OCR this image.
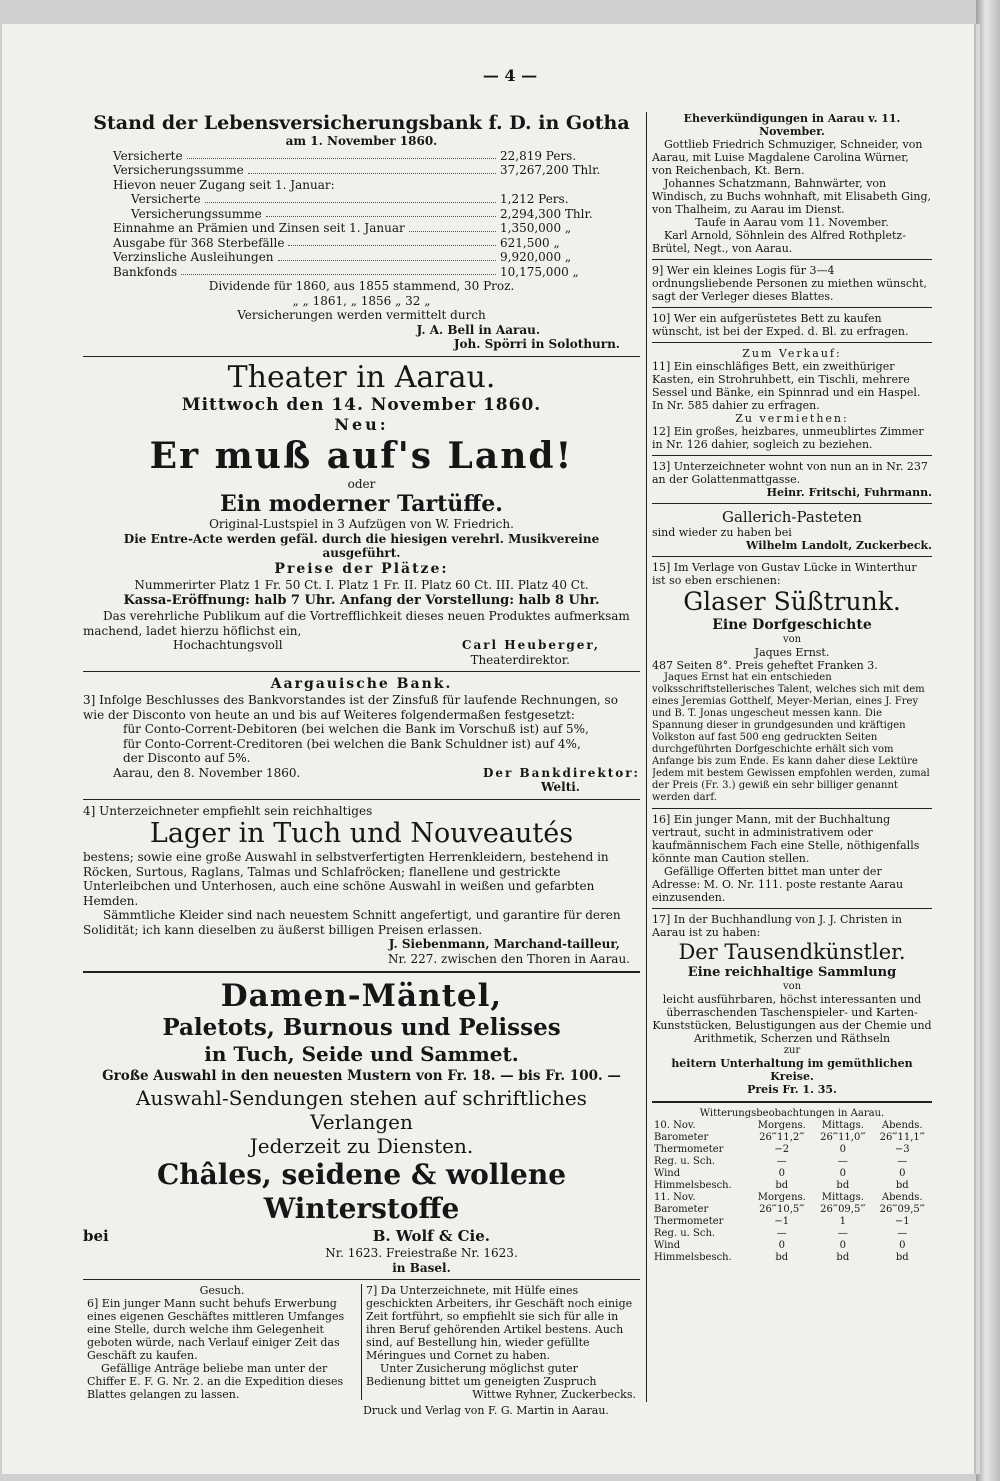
— 4 —

Stand der Lebensversicherungsbank f. D. in Gotha

am 1. November 1860.

Versicherte	22,819 Pers.
Versicherungssumme	37,267,200 Thlr.
Hievon neuer Zugang seit 1. Januar:
Versicherte	1,212 Pers.
Versicherungssumme	2,294,300 Thlr.
Einnahme an Prämien und Zinsen seit 1. Januar	1,350,000 „
Ausgabe für 368 Sterbefälle	621,500 „
Verzinsliche Ausleihungen	9,920,000 „
Bankfonds	10,175,000 „

Dividende für 1860, aus 1855 stammend, 30 Proz.

„ „ 1861, „ 1856 „ 32 „

Versicherungen werden vermittelt durch

J. A. Bell in Aarau.

Joh. Spörri in Solothurn.

Theater in Aarau.

Mittwoch den 14. November 1860.

Neu:

Er muß auf's Land!

oder

Ein moderner Tartüffe.

Original-Lustspiel in 3 Aufzügen von W. Friedrich.

Die Entre-Acte werden gefäl. durch die hiesigen verehrl. Musikvereine ausgeführt.

Preise der Plätze:

Nummerirter Platz 1 Fr. 50 Ct. I. Platz 1 Fr. II. Platz 60 Ct. III. Platz 40 Ct.

Kassa-Eröffnung: halb 7 Uhr. Anfang der Vorstellung: halb 8 Uhr.

Das verehrliche Publikum auf die Vortrefflichkeit dieses neuen Produktes aufmerksam machend, ladet hierzu höflichst ein,

Hochachtungsvoll	Carl Heuberger,

Theaterdirektor.

Aargauische Bank.

3] Infolge Beschlusses des Bankvorstandes ist der Zinsfuß für laufende Rechnungen, so wie der Disconto von heute an und bis auf Weiteres folgendermaßen festgesetzt:

für Conto-Corrent-Debitoren (bei welchen die Bank im Vorschuß ist) auf 5%,

für Conto-Corrent-Creditoren (bei welchen die Bank Schuldner ist) auf 4%,

der Disconto auf 5%.

Aarau, den 8. November 1860.	Der Bankdirektor:

Welti.

4] Unterzeichneter empfiehlt sein reichhaltiges

Lager in Tuch und Nouveautés

bestens; sowie eine große Auswahl in selbstverfertigten Herrenkleidern, bestehend in Röcken, Surtous, Raglans, Talmas und Schlafröcken; flanellene und gestrickte Unterleibchen und Unterhosen, auch eine schöne Auswahl in weißen und gefarbten Hemden.

Sämmtliche Kleider sind nach neuestem Schnitt angefertigt, und garantire für deren Solidität; ich kann dieselben zu äußerst billigen Preisen erlassen.

J. Siebenmann, Marchand-tailleur,

Nr. 227. zwischen den Thoren in Aarau.

Damen-Mäntel,

Paletots, Burnous und Pelisses

in Tuch, Seide und Sammet.

Große Auswahl in den neuesten Mustern von Fr. 18. — bis Fr. 100. —

Auswahl-Sendungen stehen auf schriftliches Verlangen

Jederzeit zu Diensten.

Châles, seidene & wollene Winterstoffe

bei	B. Wolf & Cie.

Nr. 1623. Freiestraße Nr. 1623.

in Basel.

Gesuch.

6] Ein junger Mann sucht behufs Erwerbung eines eigenen Geschäftes mittleren Umfanges eine Stelle, durch welche ihm Gelegenheit geboten würde, nach Verlauf einiger Zeit das Geschäft zu kaufen.

Gefällige Anträge beliebe man unter der Chiffer E. F. G. Nr. 2. an die Expedition dieses Blattes gelangen zu lassen.

7] Da Unterzeichnete, mit Hülfe eines geschickten Arbeiters, ihr Geschäft noch einige Zeit fortführt, so empfiehlt sie sich für alle in ihren Beruf gehörenden Artikel bestens. Auch sind, auf Bestellung hin, wieder gefüllte Méringues und Cornet zu haben.

Unter Zusicherung möglichst guter Bedienung bittet um geneigten Zuspruch

Wittwe Ryhner, Zuckerbecks.

Eheverkündigungen in Aarau v. 11. November.

Gottlieb Friedrich Schmuziger, Schneider, von Aarau, mit Luise Magdalene Carolina Würner, von Reichenbach, Kt. Bern.

Johannes Schatzmann, Bahnwärter, von Windisch, zu Buchs wohnhaft, mit Elisabeth Ging, von Thalheim, zu Aarau im Dienst.

Taufe in Aarau vom 11. November.

Karl Arnold, Söhnlein des Alfred Rothpletz-Brütel, Negt., von Aarau.

9] Wer ein kleines Logis für 3—4 ordnungsliebende Personen zu miethen wünscht, sagt der Verleger dieses Blattes.

10] Wer ein aufgerüstetes Bett zu kaufen wünscht, ist bei der Exped. d. Bl. zu erfragen.

Zum Verkauf:

11] Ein einschläfiges Bett, ein zweithüriger Kasten, ein Strohruhbett, ein Tischli, mehrere Sessel und Bänke, ein Spinnrad und ein Haspel. In Nr. 585 dahier zu erfragen.

Zu vermiethen:

12] Ein großes, heizbares, unmeublirtes Zimmer in Nr. 126 dahier, sogleich zu beziehen.

13] Unterzeichneter wohnt von nun an in Nr. 237 an der Golattenmattgasse.

Heinr. Fritschi, Fuhrmann.

Gallerich-Pasteten

sind wieder zu haben bei

Wilhelm Landolt, Zuckerbeck.

15] Im Verlage von Gustav Lücke in Winterthur ist so eben erschienen:

Glaser Süßtrunk.

Eine Dorfgeschichte

von

Jaques Ernst.

487 Seiten 8°. Preis geheftet Franken 3.

Jaques Ernst hat ein entschieden volksschriftstellerisches Talent, welches sich mit dem eines Jeremias Gotthelf, Meyer-Merian, eines J. Frey und B. T. Jonas ungescheut messen kann. Die Spannung dieser in grundgesunden und kräftigen Volkston auf fast 500 eng gedruckten Seiten durchgeführten Dorfgeschichte erhält sich vom Anfange bis zum Ende. Es kann daher diese Lektüre Jedem mit bestem Gewissen empfohlen werden, zumal der Preis (Fr. 3.) gewiß ein sehr billiger genannt werden darf.

16] Ein junger Mann, mit der Buchhaltung vertraut, sucht in administrativem oder kaufmännischem Fach eine Stelle, nöthigenfalls könnte man Caution stellen.

Gefällige Offerten bittet man unter der Adresse: M. O. Nr. 111. poste restante Aarau einzusenden.

17] In der Buchhandlung von J. J. Christen in Aarau ist zu haben:

Der Tausendkünstler.

Eine reichhaltige Sammlung

von

leicht ausführbaren, höchst interessanten und überraschenden Taschenspieler- und Karten-Kunststücken, Belustigungen aus der Chemie und Arithmetik, Scherzen und Räthseln

zur

heitern Unterhaltung im gemüthlichen Kreise.

Preis Fr. 1. 35.

Witterungsbeobachtungen in Aarau.

10. Nov.	Morgens.	Mittags.	Abends.
Barometer	26‴11,2‴	26‴11,0‴	26‴11,1‴
Thermometer	−2	0	−3
Reg. u. Sch.	—	—	—
Wind	0	0	0
Himmelsbesch.	bd	bd	bd
11. Nov.	Morgens.	Mittags.	Abends.
Barometer	26‴10,5‴	26‴09,5‴	26‴09,5‴
Thermometer	−1	1	−1
Reg. u. Sch.	—	—	—
Wind	0	0	0
Himmelsbesch.	bd	bd	bd
Druck und Verlag von F. G. Martin in Aarau.
